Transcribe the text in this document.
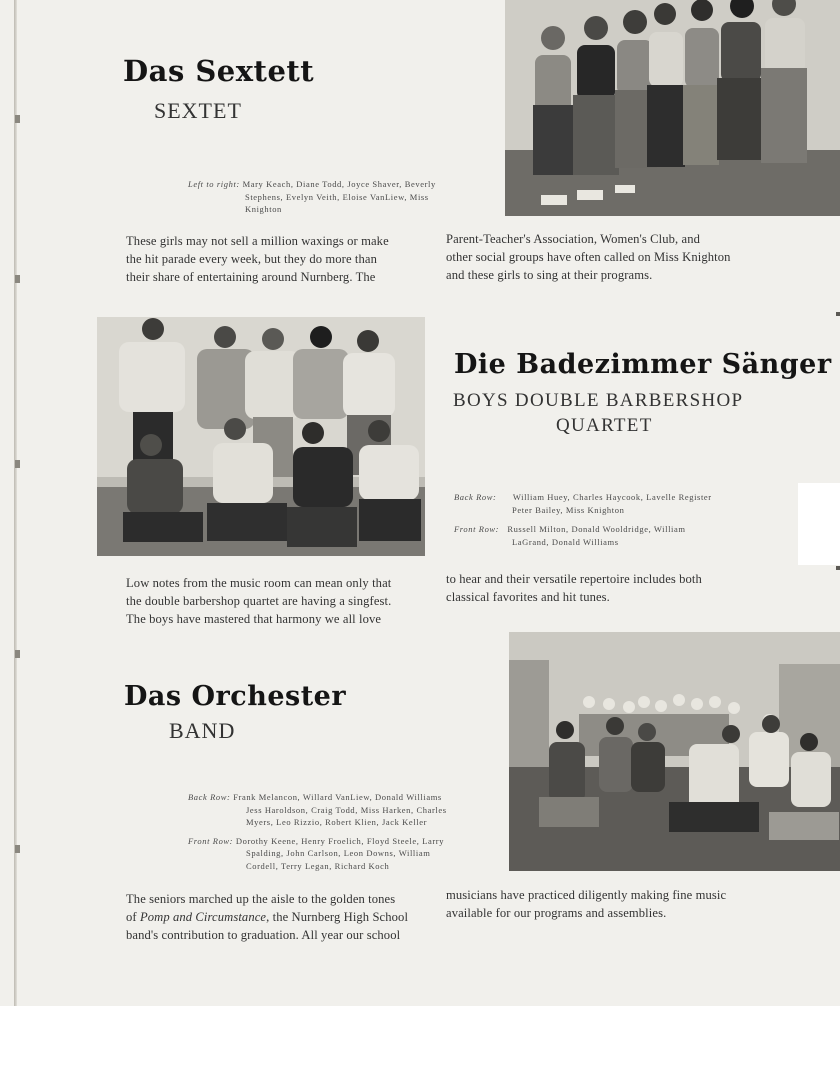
Das Sextett
SEXTET
Left to right: Mary Keach, Diane Todd, Joyce Shaver, Beverly
Stephens, Evelyn Veith, Eloise VanLiew, Miss
Knighton
These girls may not sell a million waxings or make
the hit parade every week, but they do more than
their share of entertaining around Nurnberg. The
Parent-Teacher's Association, Women's Club, and
other social groups have often called on Miss Knighton
and these girls to sing at their programs.
Die Badezimmer Sänger
BOYS DOUBLE BARBERSHOP
QUARTET
Back Row: William Huey, Charles Haycook, Lavelle Register
Peter Bailey, Miss Knighton
Front Row: Russell Milton, Donald Wooldridge, William
LaGrand, Donald Williams
Low notes from the music room can mean only that
the double barbershop quartet are having a singfest.
The boys have mastered that harmony we all love
to hear and their versatile repertoire includes both
classical favorites and hit tunes.
Das Orchester
BAND
Back Row: Frank Melancon, Willard VanLiew, Donald Williams
Jess Haroldson, Craig Todd, Miss Harken, Charles
Myers, Leo Rizzio, Robert Klien, Jack Keller
Front Row: Dorothy Keene, Henry Froelich, Floyd Steele, Larry
Spalding, John Carlson, Leon Downs, William
Cordell, Terry Legan, Richard Koch
The seniors marched up the aisle to the golden tones
of Pomp and Circumstance, the Nurnberg High School
band's contribution to graduation. All year our school
musicians have practiced diligently making fine music
available for our programs and assemblies.
